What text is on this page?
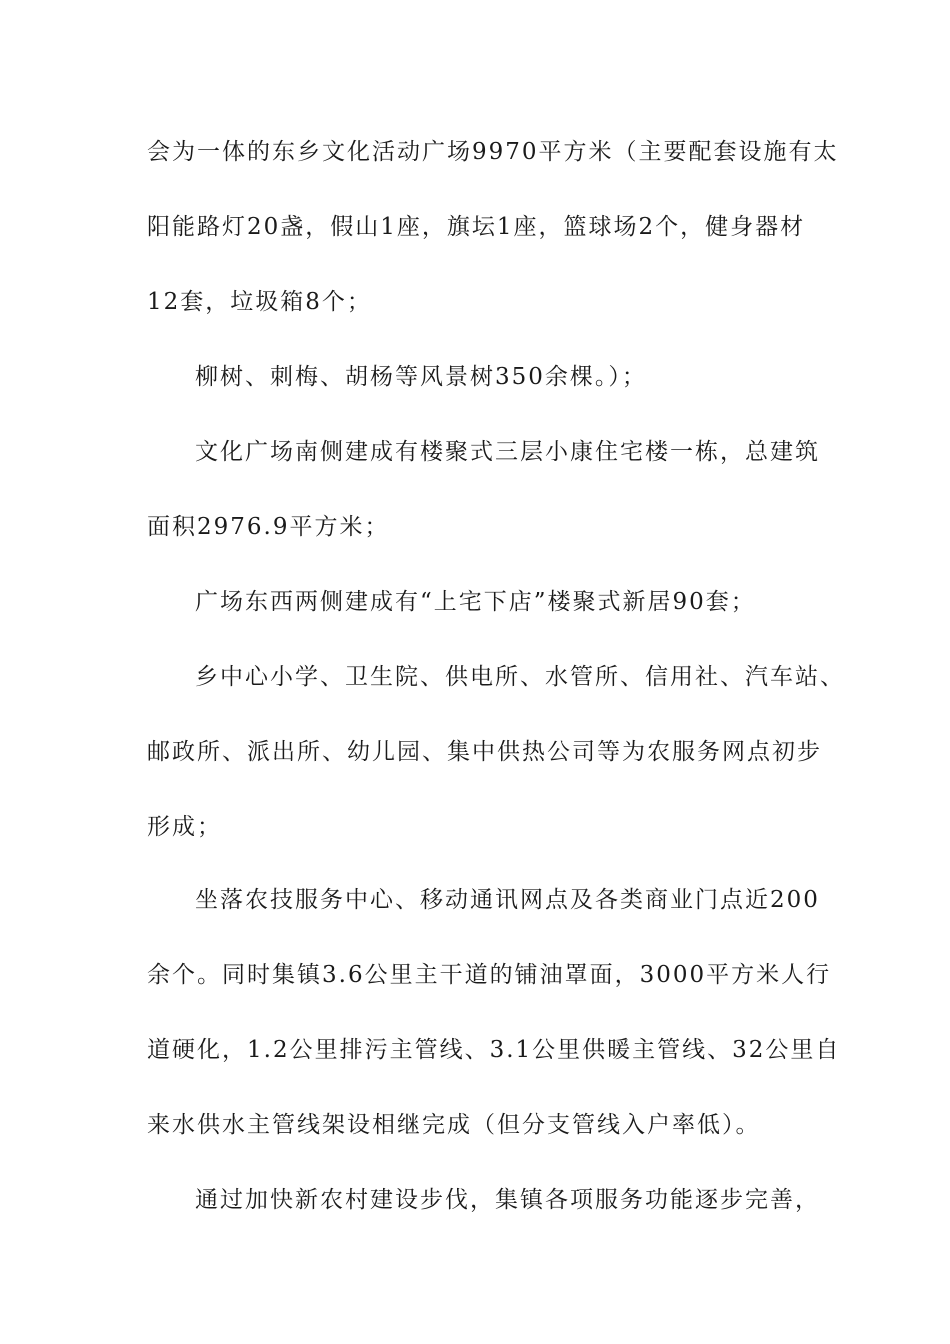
会为一体的东乡文化活动广场9970平方米（主要配套设施有太
阳能路灯20盏，假山1座，旗坛1座，篮球场2个，健身器材
12套，垃圾箱8个；
柳树、刺梅、胡杨等风景树350余棵。）；
文化广场南侧建成有楼聚式三层小康住宅楼一栋，总建筑
面积2976.9平方米；
广场东西两侧建成有“上宅下店”楼聚式新居90套；
乡中心小学、卫生院、供电所、水管所、信用社、汽车站、
邮政所、派出所、幼儿园、集中供热公司等为农服务网点初步
形成；
坐落农技服务中心、移动通讯网点及各类商业门点近200
余个。同时集镇3.6公里主干道的铺油罩面，3000平方米人行
道硬化，1.2公里排污主管线、3.1公里供暖主管线、32公里自
来水供水主管线架设相继完成（但分支管线入户率低）。
通过加快新农村建设步伐，集镇各项服务功能逐步完善，
